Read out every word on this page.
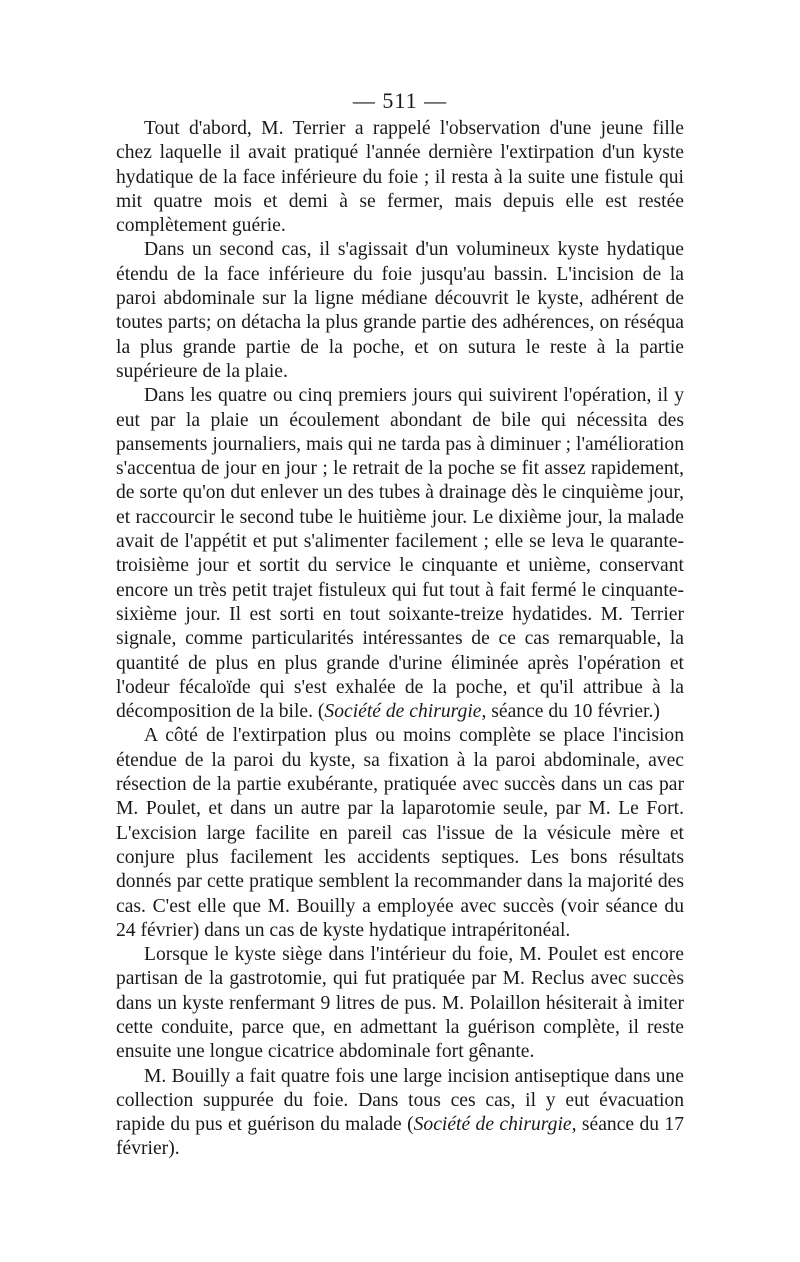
— 511 —

Tout d'abord, M. Terrier a rappelé l'observation d'une jeune fille chez laquelle il avait pratiqué l'année dernière l'extirpation d'un kyste hydatique de la face inférieure du foie ; il resta à la suite une fistule qui mit quatre mois et demi à se fermer, mais depuis elle est restée complètement guérie.

Dans un second cas, il s'agissait d'un volumineux kyste hydatique étendu de la face inférieure du foie jusqu'au bassin. L'incision de la paroi abdominale sur la ligne médiane découvrit le kyste, adhérent de toutes parts; on détacha la plus grande partie des adhérences, on réséqua la plus grande partie de la poche, et on sutura le reste à la partie supérieure de la plaie.

Dans les quatre ou cinq premiers jours qui suivirent l'opération, il y eut par la plaie un écoulement abondant de bile qui nécessita des pansements journaliers, mais qui ne tarda pas à diminuer ; l'amélioration s'accentua de jour en jour ; le retrait de la poche se fit assez rapidement, de sorte qu'on dut enlever un des tubes à drainage dès le cinquième jour, et raccourcir le second tube le huitième jour. Le dixième jour, la malade avait de l'appétit et put s'alimenter facilement ; elle se leva le quarante-troisième jour et sortit du service le cinquante et unième, conservant encore un très petit trajet fistuleux qui fut tout à fait fermé le cinquante-sixième jour. Il est sorti en tout soixante-treize hydatides. M. Terrier signale, comme particularités intéressantes de ce cas remarquable, la quantité de plus en plus grande d'urine éliminée après l'opération et l'odeur fécaloïde qui s'est exhalée de la poche, et qu'il attribue à la décomposition de la bile. (Société de chirurgie, séance du 10 février.)

A côté de l'extirpation plus ou moins complète se place l'incision étendue de la paroi du kyste, sa fixation à la paroi abdominale, avec résection de la partie exubérante, pratiquée avec succès dans un cas par M. Poulet, et dans un autre par la laparotomie seule, par M. Le Fort. L'excision large facilite en pareil cas l'issue de la vésicule mère et conjure plus facilement les accidents septiques. Les bons résultats donnés par cette pratique semblent la recommander dans la majorité des cas. C'est elle que M. Bouilly a employée avec succès (voir séance du 24 février) dans un cas de kyste hydatique intrapéritonéal.

Lorsque le kyste siège dans l'intérieur du foie, M. Poulet est encore partisan de la gastrotomie, qui fut pratiquée par M. Reclus avec succès dans un kyste renfermant 9 litres de pus. M. Polaillon hésiterait à imiter cette conduite, parce que, en admettant la guérison complète, il reste ensuite une longue cicatrice abdominale fort gênante.

M. Bouilly a fait quatre fois une large incision antiseptique dans une collection suppurée du foie. Dans tous ces cas, il y eut évacuation rapide du pus et guérison du malade (Société de chirurgie, séance du 17 février).
